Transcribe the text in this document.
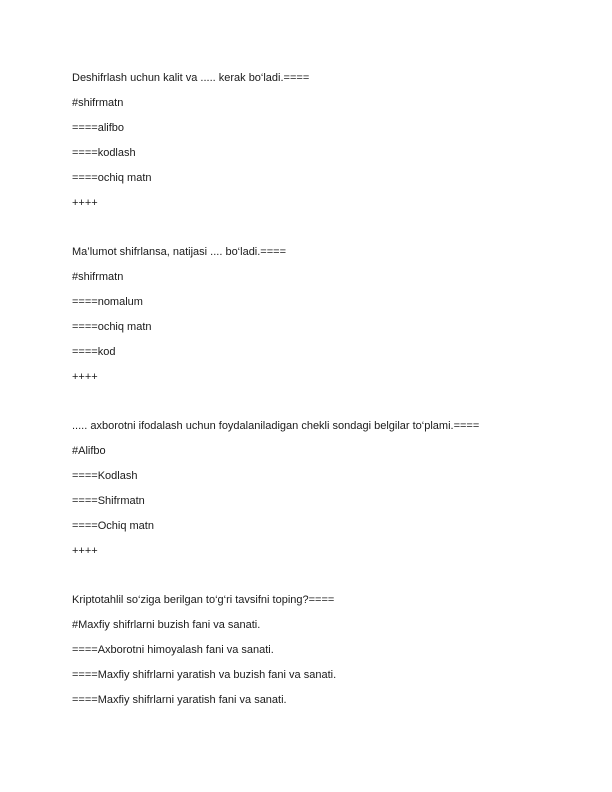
Deshifrlash uchun kalit va ..... kerak bo‘ladi.====
#shifrmatn
====alifbo
====kodlash
====ochiq matn
++++
Ma’lumot shifrlansa, natijasi .... bo‘ladi.====
#shifrmatn
====nomalum
====ochiq matn
====kod
++++
..... axborotni ifodalash uchun foydalaniladigan chekli sondagi belgilar to‘plami.====
#Alifbo
====Kodlash
====Shifrmatn
====Ochiq matn
++++
Kriptotahlil so‘ziga berilgan to‘g‘ri tavsifni toping?====
#Maxfiy shifrlarni buzish fani va sanati.
====Axborotni himoyalash fani va sanati.
====Maxfiy shifrlarni yaratish va buzish fani va sanati.
====Maxfiy shifrlarni yaratish fani va sanati.
